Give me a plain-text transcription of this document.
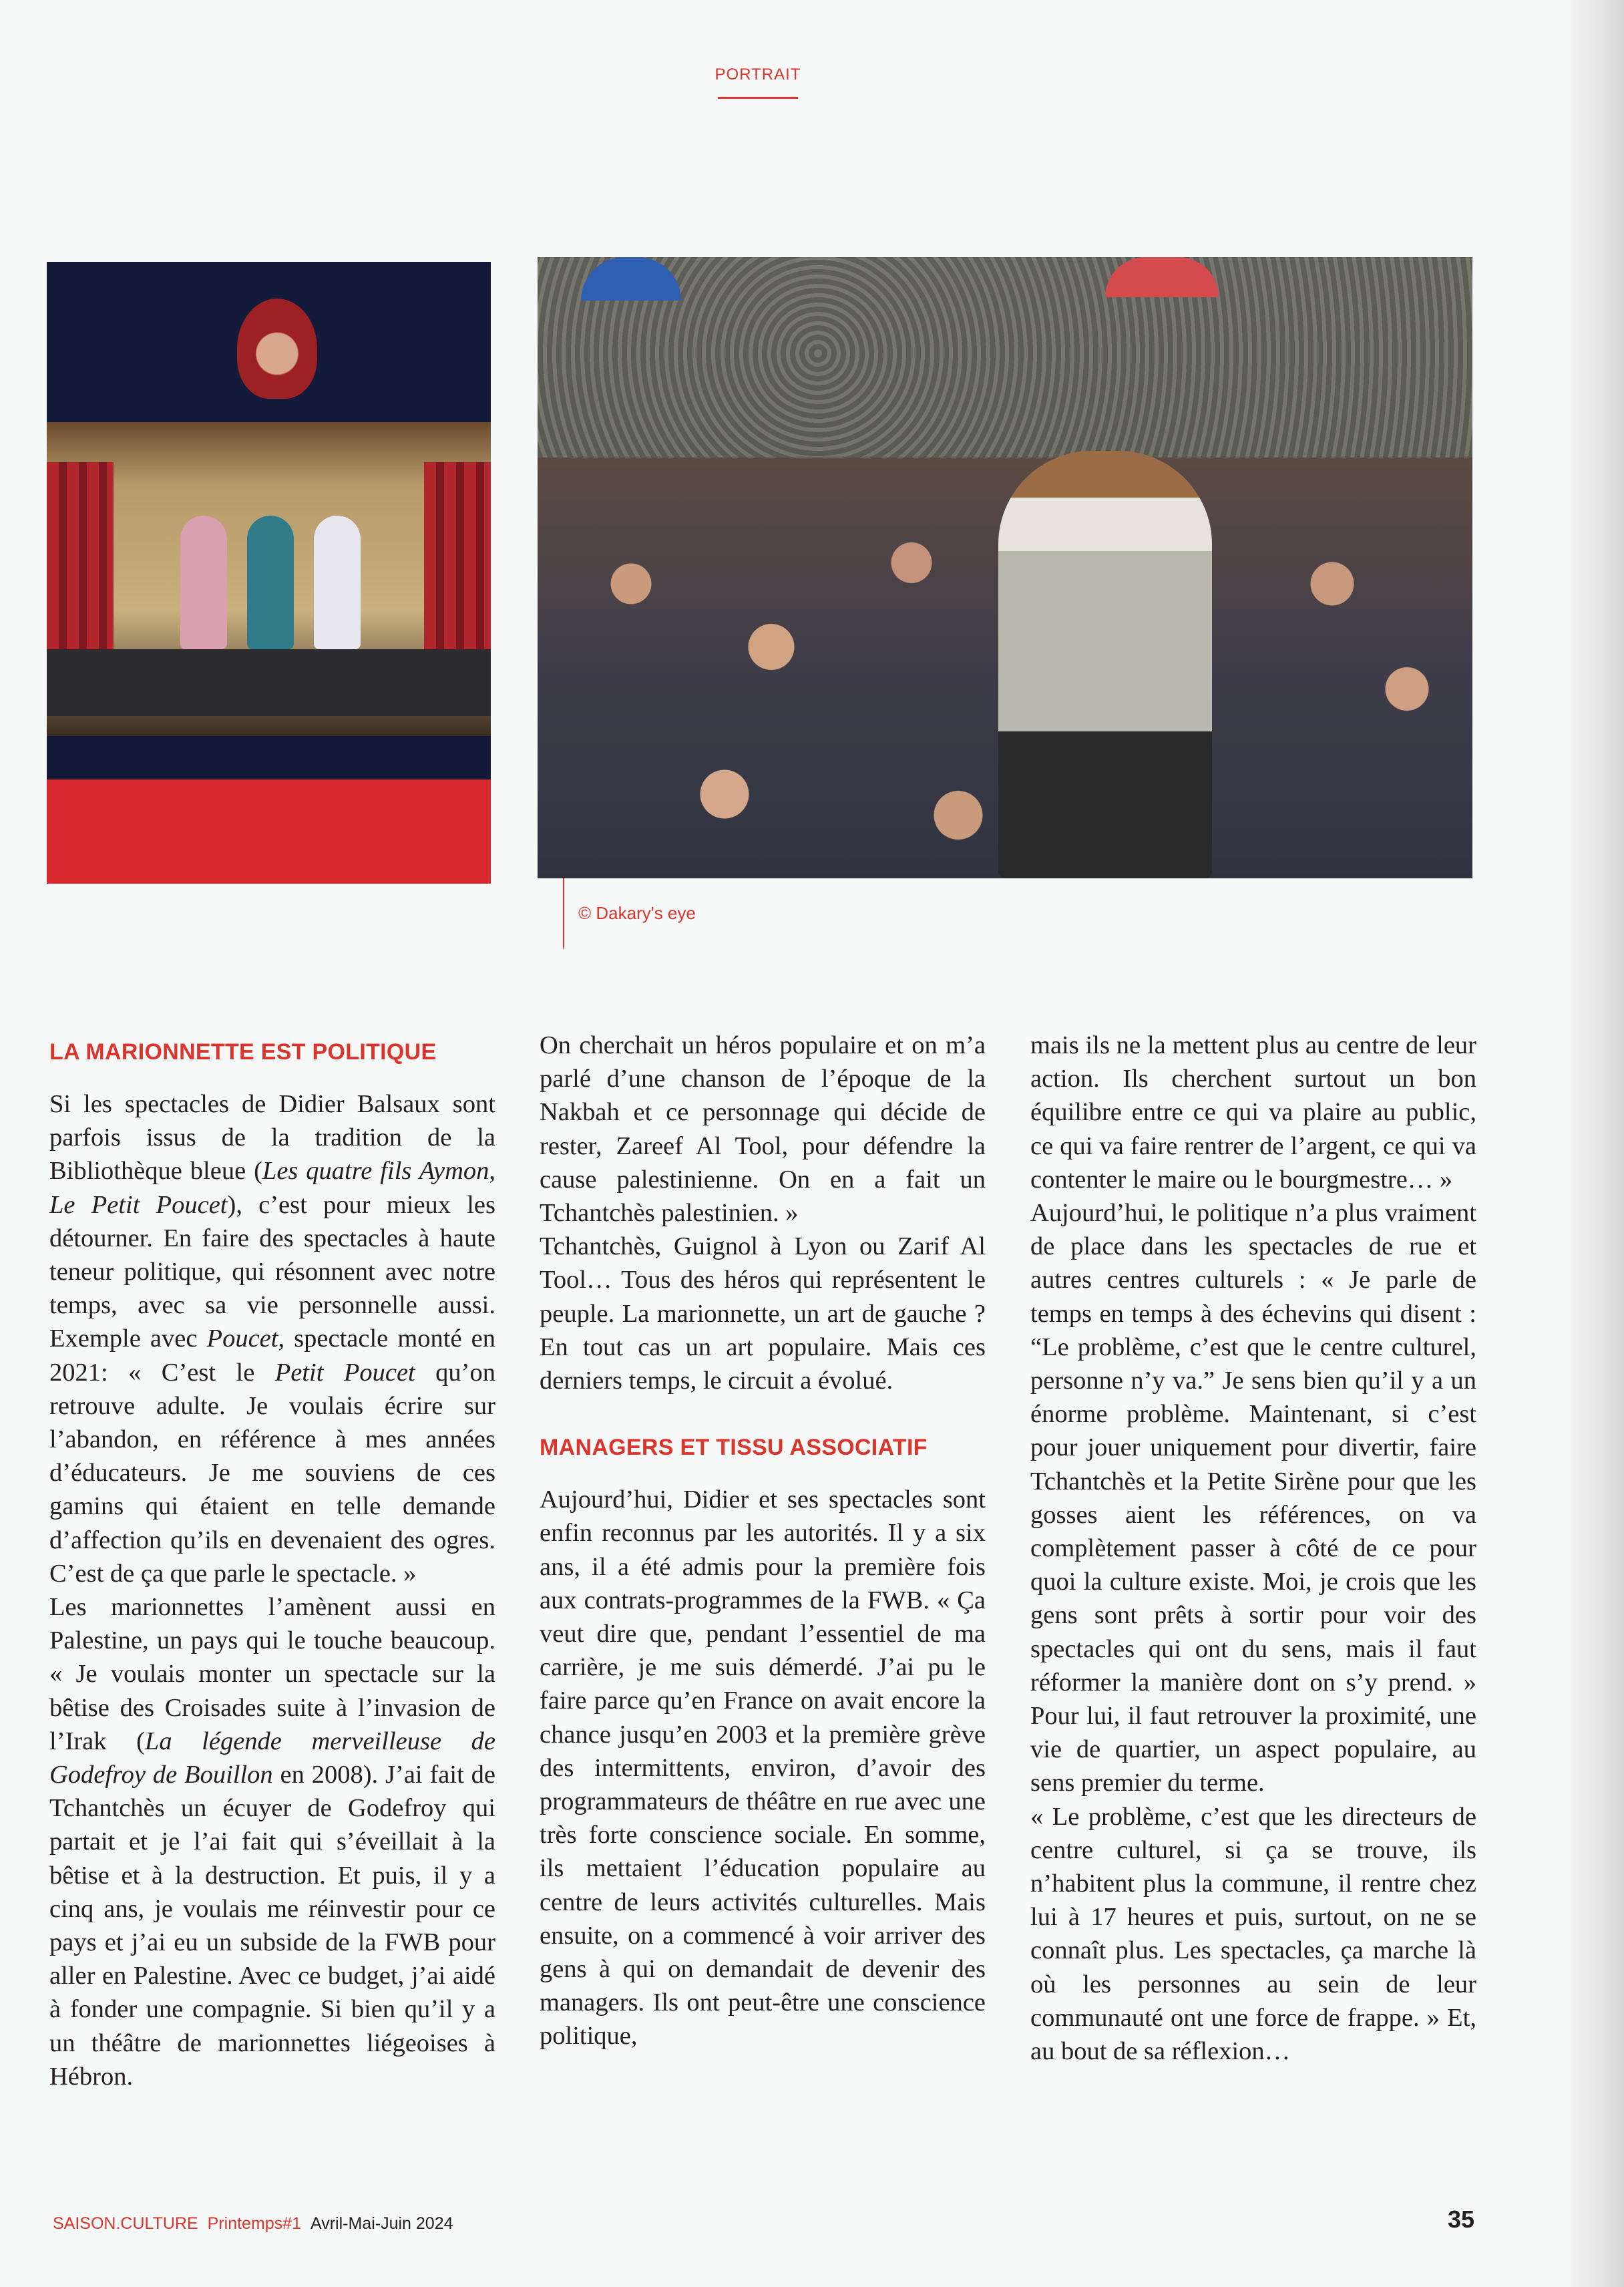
PORTRAIT
© Dakary's eye
LA MARIONNETTE EST POLITIQUE

Si les spectacles de Didier Balsaux sont parfois issus de la tradition de la Bibliothèque bleue (Les quatre fils Aymon, Le Petit Poucet), c’est pour mieux les détourner. En faire des spectacles à haute teneur politique, qui résonnent avec notre temps, avec sa vie personnelle aussi. Exemple avec Poucet, spectacle monté en 2021: « C’est le Petit Poucet qu’on retrouve adulte. Je voulais écrire sur l’abandon, en référence à mes années d’éducateurs. Je me souviens de ces gamins qui étaient en telle demande d’affection qu’ils en devenaient des ogres. C’est de ça que parle le spectacle. »

Les marionnettes l’amènent aussi en Palestine, un pays qui le touche beaucoup. « Je voulais monter un spectacle sur la bêtise des Croisades suite à l’invasion de l’Irak (La légende merveilleuse de Godefroy de Bouillon en 2008). J’ai fait de Tchantchès un écuyer de Godefroy qui partait et je l’ai fait qui s’éveillait à la bêtise et à la destruction. Et puis, il y a cinq ans, je voulais me réinvestir pour ce pays et j’ai eu un subside de la FWB pour aller en Palestine. Avec ce budget, j’ai aidé à fonder une compagnie. Si bien qu’il y a un théâtre de marionnettes liégeoises à Hébron.

On cherchait un héros populaire et on m’a parlé d’une chanson de l’époque de la Nakbah et ce personnage qui décide de rester, Zareef Al Tool, pour défendre la cause palestinienne. On en a fait un Tchantchès palestinien. »

Tchantchès, Guignol à Lyon ou Zarif Al Tool… Tous des héros qui représentent le peuple. La marionnette, un art de gauche ? En tout cas un art populaire. Mais ces derniers temps, le circuit a évolué.

MANAGERS ET TISSU ASSOCIATIF

Aujourd’hui, Didier et ses spectacles sont enfin reconnus par les autorités. Il y a six ans, il a été admis pour la première fois aux contrats-programmes de la FWB. « Ça veut dire que, pendant l’essentiel de ma carrière, je me suis démerdé. J’ai pu le faire parce qu’en France on avait encore la chance jusqu’en 2003 et la première grève des intermittents, environ, d’avoir des programmateurs de théâtre en rue avec une très forte conscience sociale. En somme, ils mettaient l’éducation populaire au centre de leurs activités culturelles. Mais ensuite, on a commencé à voir arriver des gens à qui on demandait de devenir des managers. Ils ont peut-être une conscience politique,

mais ils ne la mettent plus au centre de leur action. Ils cherchent surtout un bon équilibre entre ce qui va plaire au public, ce qui va faire rentrer de l’argent, ce qui va contenter le maire ou le bourgmestre… »

Aujourd’hui, le politique n’a plus vraiment de place dans les spectacles de rue et autres centres culturels : « Je parle de temps en temps à des échevins qui disent : “Le problème, c’est que le centre culturel, personne n’y va.” Je sens bien qu’il y a un énorme problème. Maintenant, si c’est pour jouer uniquement pour divertir, faire Tchantchès et la Petite Sirène pour que les gosses aient les références, on va complètement passer à côté de ce pour quoi la culture existe. Moi, je crois que les gens sont prêts à sortir pour voir des spectacles qui ont du sens, mais il faut réformer la manière dont on s’y prend. » Pour lui, il faut retrouver la proximité, une vie de quartier, un aspect populaire, au sens premier du terme.

« Le problème, c’est que les directeurs de centre culturel, si ça se trouve, ils n’habitent plus la commune, il rentre chez lui à 17 heures et puis, surtout, on ne se connaît plus. Les spectacles, ça marche là où les personnes au sein de leur communauté ont une force de frappe. » Et, au bout de sa réflexion…

SAISON.CULTURE Printemps#1 Avril-Mai-Juin 2024	35
